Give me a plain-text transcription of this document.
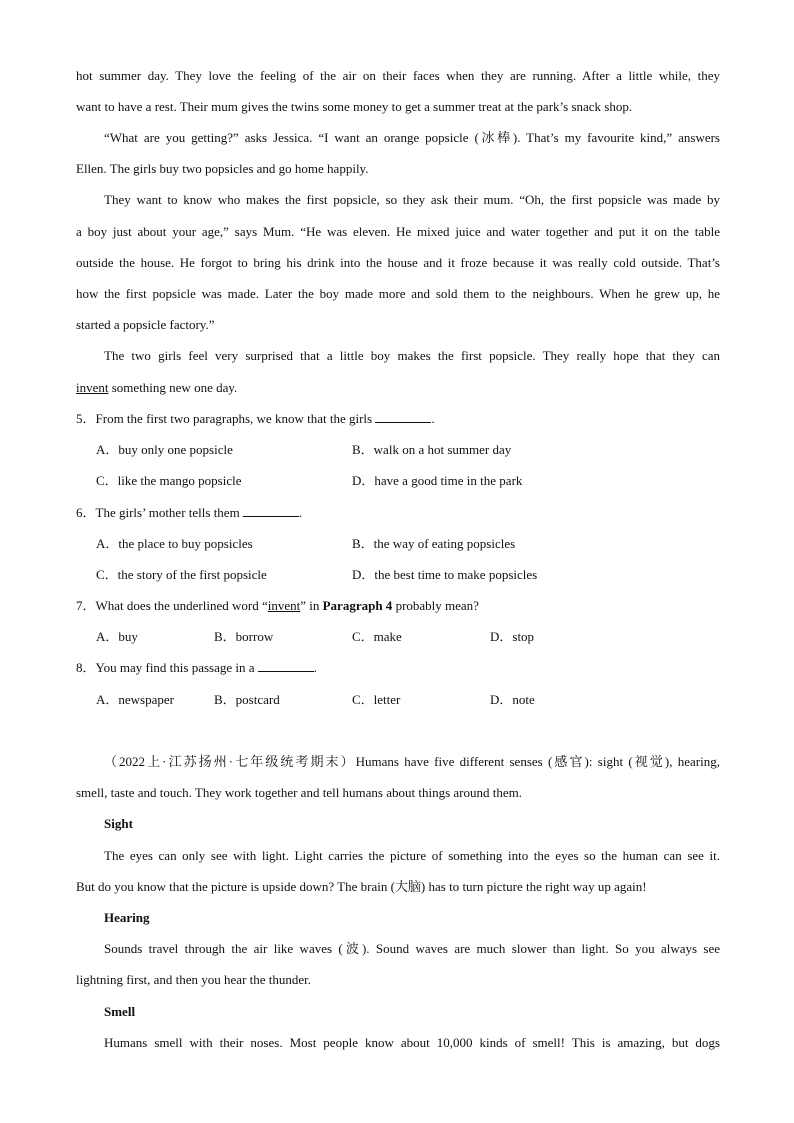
hot summer day. They love the feeling of the air on their faces when they are running. After a little while, they
want to have a rest. Their mum gives the twins some money to get a summer treat at the park’s snack shop.
“What are you getting?” asks Jessica. “I want an orange popsicle (冰棒). That’s my favourite kind,” answers
Ellen. The girls buy two popsicles and go home happily.
They want to know who makes the first popsicle, so they ask their mum. “Oh, the first popsicle was made by
a boy just about your age,” says Mum. “He was eleven. He mixed juice and water together and put it on the table
outside the house. He forgot to bring his drink into the house and it froze because it was really cold outside. That’s
how the first popsicle was made. Later the boy made more and sold them to the neighbours. When he grew up, he
started a popsicle factory.”
The two girls feel very surprised that a little boy makes the first popsicle. They really hope that they can
invent something new one day.
5．From the first two paragraphs, we know that the girls	.
A．buy only one popsicle	B．walk on a hot summer day
C．like the mango popsicle	D．have a good time in the park
6．The girls’ mother tells them	.
A．the place to buy popsicles	B．the way of eating popsicles
C．the story of the first popsicle	D．the best time to make popsicles
7．What does the underlined word “invent” in Paragraph 4 probably mean?
A．buy	B．borrow	C．make	D．stop
8．You may find this passage in a	.
A．newspaper	B．postcard	C．letter	D．note
（2022上·江苏扬州·七年级统考期末）Humans have five different senses (感官): sight (视觉), hearing,
smell, taste and touch. They work together and tell humans about things around them.
Sight
The eyes can only see with light. Light carries the picture of something into the eyes so the human can see it.
But do you know that the picture is upside down? The brain (大脑) has to turn picture the right way up again!
Hearing
Sounds travel through the air like waves (波). Sound waves are much slower than light. So you always see
lightning first, and then you hear the thunder.
Smell
Humans smell with their noses. Most people know about 10,000 kinds of smell! This is amazing, but dogs
